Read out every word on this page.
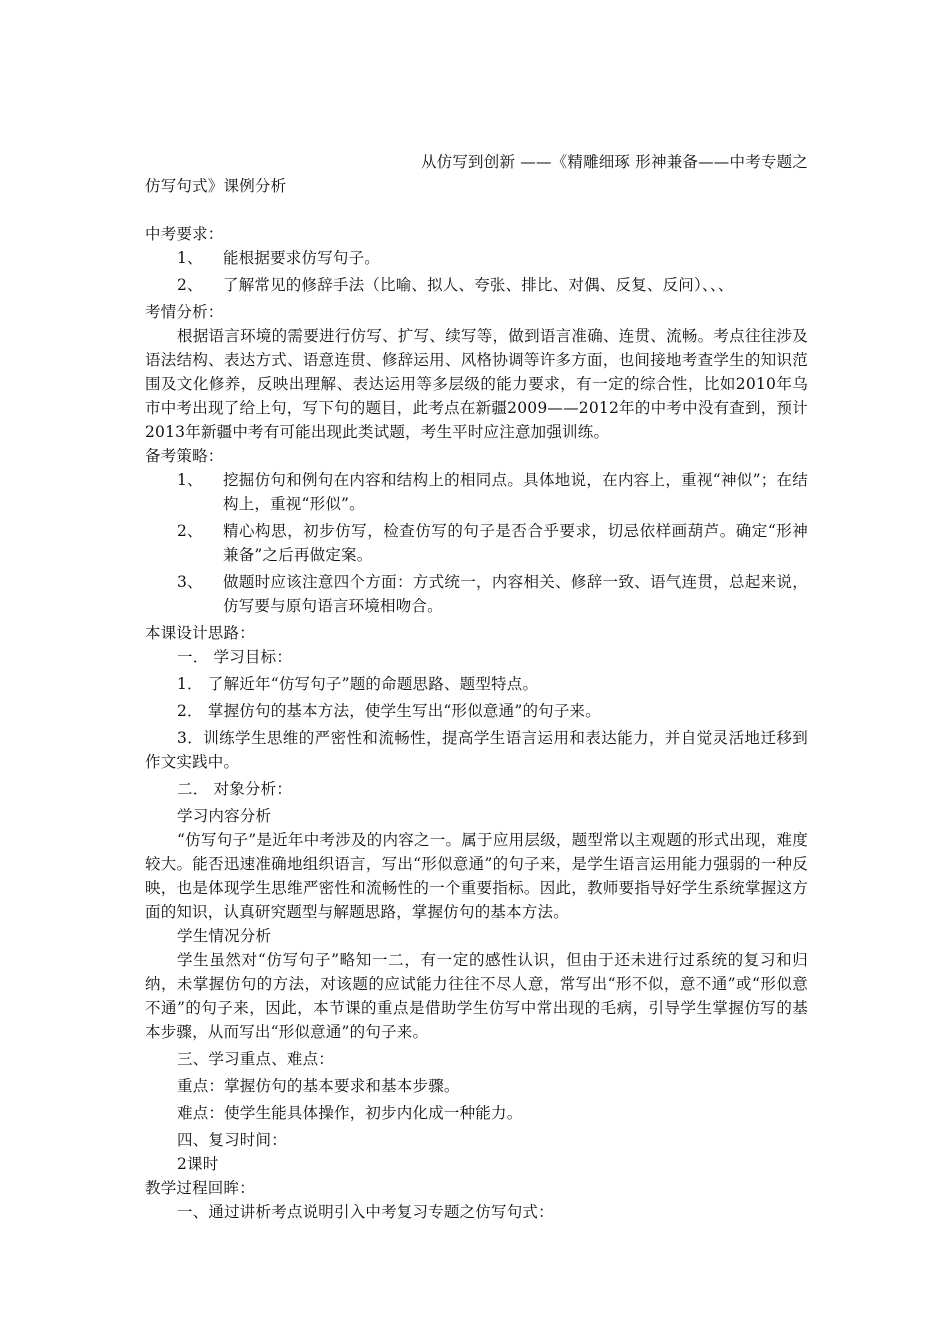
从仿写到创新 ——《精雕细琢 形神兼备——中考专题之

仿写句式》课例分析

中考要求：

1、	能根据要求仿写句子。
2、	了解常见的修辞手法（比喻、拟人、夸张、排比、对偶、反复、反问）、、、

考情分析：

根据语言环境的需要进行仿写、扩写、续写等，做到语言准确、连贯、流畅。考点往往涉及语法结构、表达方式、语意连贯、修辞运用、风格协调等许多方面，也间接地考查学生的知识范围及文化修养，反映出理解、表达运用等多层级的能力要求，有一定的综合性，比如2010年乌市中考出现了给上句，写下句的题目，此考点在新疆2009——2012年的中考中没有查到，预计2013年新疆中考有可能出现此类试题，考生平时应注意加强训练。

备考策略：

1、	挖掘仿句和例句在内容和结构上的相同点。具体地说，在内容上，重视“神似”；在结构上，重视“形似”。
2、	精心构思，初步仿写，检查仿写的句子是否合乎要求，切忌依样画葫芦。确定“形神兼备”之后再做定案。
3、	做题时应该注意四个方面：方式统一，内容相关、修辞一致、语气连贯，总起来说，仿写要与原句语言环境相吻合。

本课设计思路：

一． 学习目标：

1． 了解近年“仿写句子”题的命题思路、题型特点。

2． 掌握仿句的基本方法，使学生写出“形似意通”的句子来。

3．训练学生思维的严密性和流畅性，提高学生语言运用和表达能力，并自觉灵活地迁移到作文实践中。

二． 对象分析：

学习内容分析

“仿写句子”是近年中考涉及的内容之一。属于应用层级，题型常以主观题的形式出现，难度较大。能否迅速准确地组织语言，写出“形似意通”的句子来，是学生语言运用能力强弱的一种反映，也是体现学生思维严密性和流畅性的一个重要指标。因此，教师要指导好学生系统掌握这方面的知识，认真研究题型与解题思路，掌握仿句的基本方法。

学生情况分析

学生虽然对“仿写句子”略知一二，有一定的感性认识，但由于还未进行过系统的复习和归纳，未掌握仿句的方法，对该题的应试能力往往不尽人意，常写出“形不似，意不通”或“形似意不通”的句子来，因此，本节课的重点是借助学生仿写中常出现的毛病，引导学生掌握仿写的基本步骤，从而写出“形似意通”的句子来。

三、学习重点、难点：

重点：掌握仿句的基本要求和基本步骤。

难点：使学生能具体操作，初步内化成一种能力。

四、复习时间：

2课时

教学过程回眸：

一、通过讲析考点说明引入中考复习专题之仿写句式：
